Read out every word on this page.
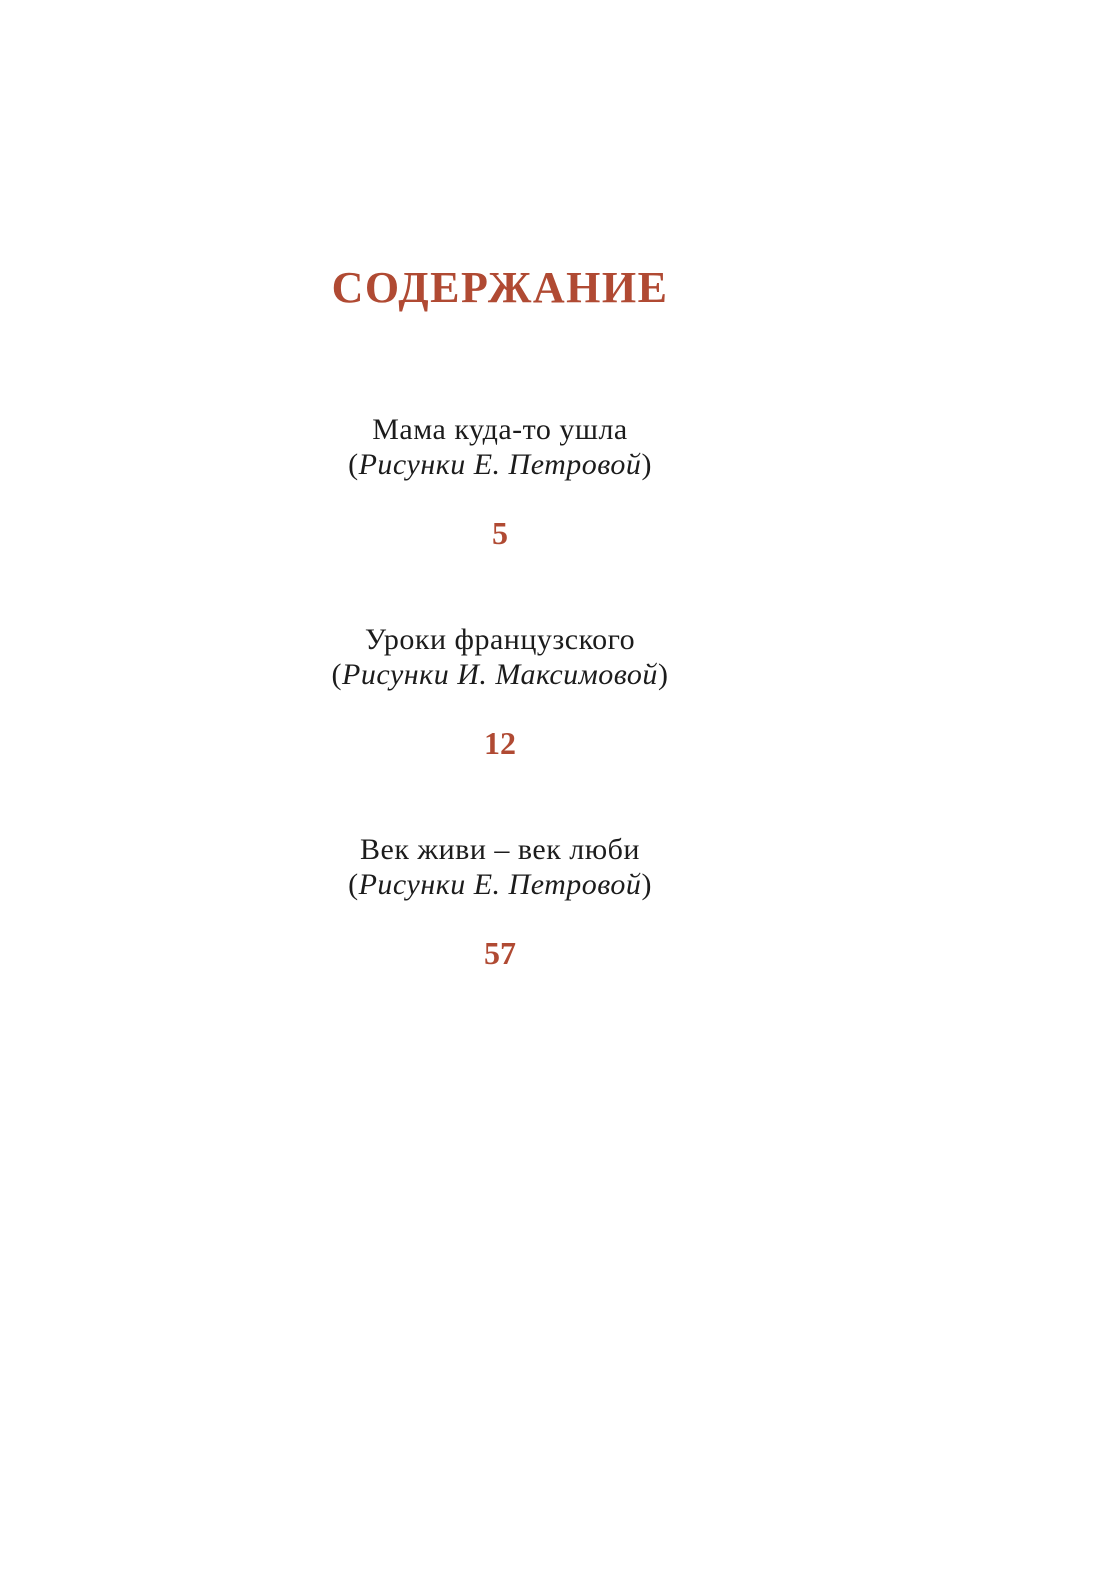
СОДЕРЖАНИЕ
Мама куда-то ушла
(Рисунки Е. Петровой)
5
Уроки французского
(Рисунки И. Максимовой)
12
Век живи – век люби
(Рисунки Е. Петровой)
57
